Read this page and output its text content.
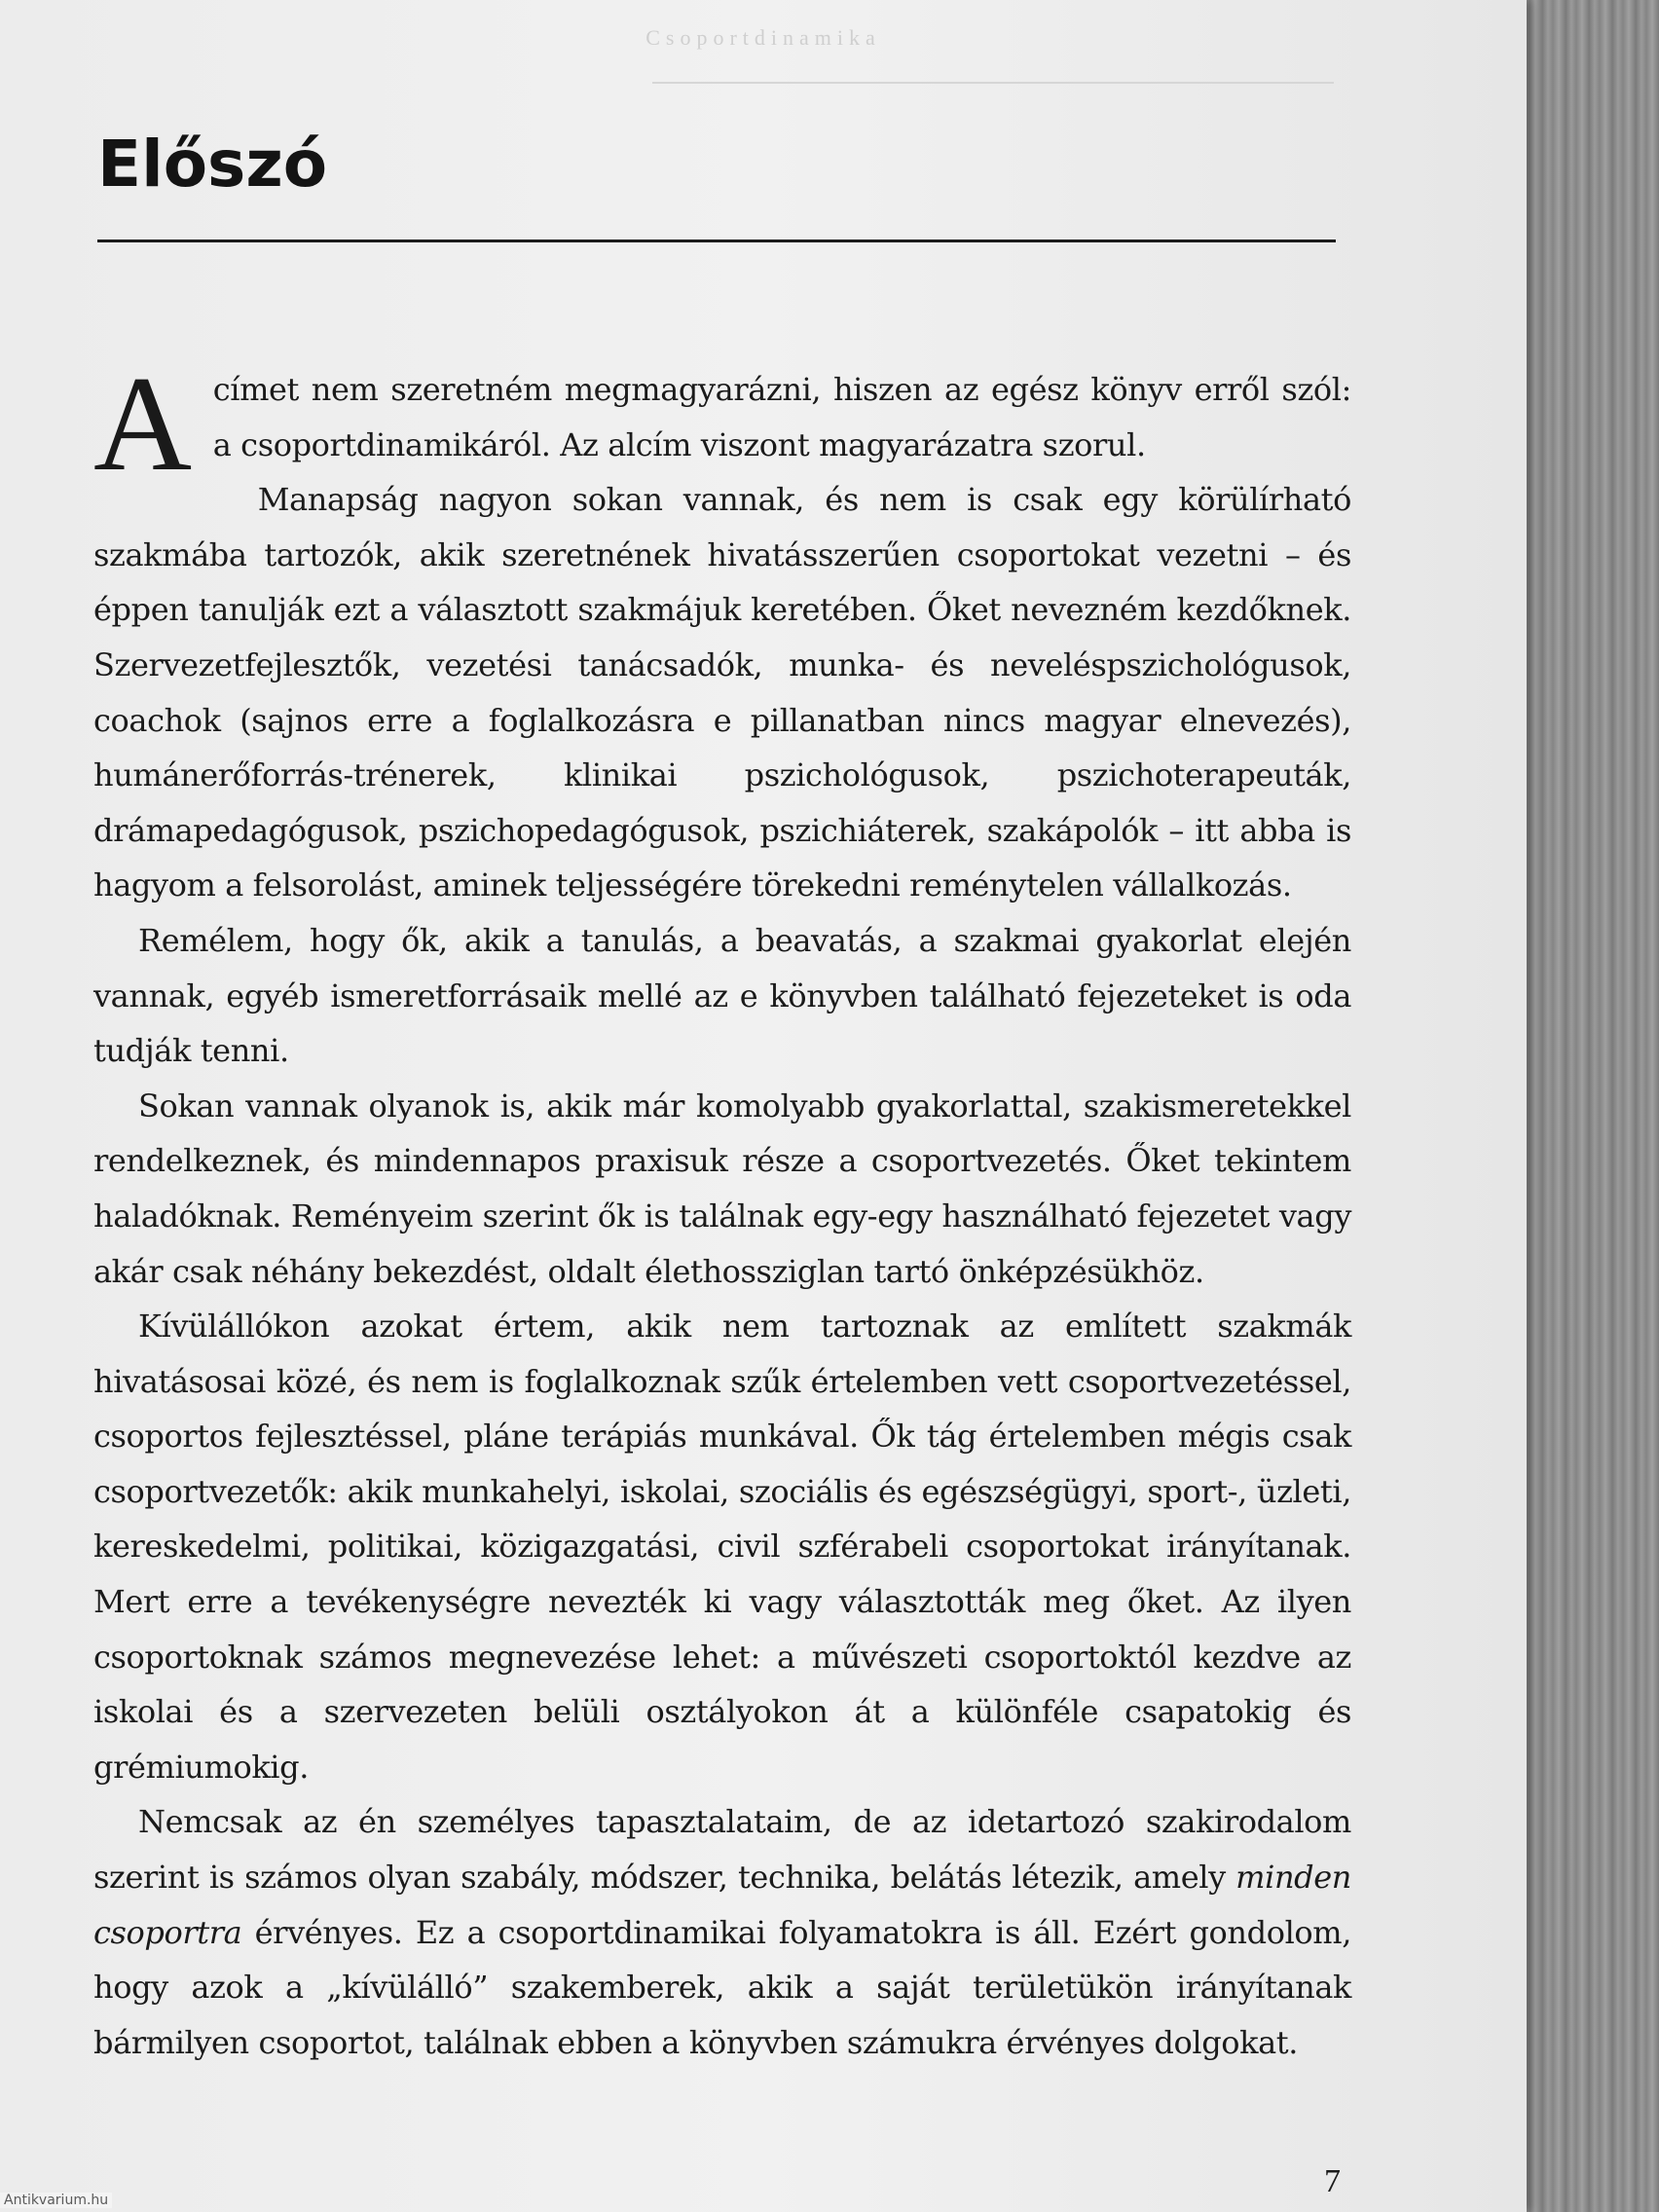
Csoportdinamika
Előszó

A címet nem szeretném megmagyarázni, hiszen az egész könyv erről szól: a csoportdinamikáról. Az alcím viszont magyarázatra szorul.

Manapság nagyon sokan vannak, és nem is csak egy körülírható szakmába tartozók, akik szeretnének hivatásszerűen csoportokat vezetni – és éppen tanulják ezt a választott szakmájuk keretében. Őket nevezném kezdőknek. Szervezetfejlesztők, vezetési tanácsadók, munka- és neveléspszichológusok, coachok (sajnos erre a foglalkozásra e pillanatban nincs magyar elnevezés), humánerőforrás-trénerek, klinikai pszichológusok, pszichoterapeuták, drámapedagógusok, pszichopedagógusok, pszichiáterek, szakápolók – itt abba is hagyom a felsorolást, aminek teljességére törekedni reménytelen vállalkozás.

Remélem, hogy ők, akik a tanulás, a beavatás, a szakmai gyakorlat elején vannak, egyéb ismeretforrásaik mellé az e könyvben található fejezeteket is oda tudják tenni.

Sokan vannak olyanok is, akik már komolyabb gyakorlattal, szakismeretekkel rendelkeznek, és mindennapos praxisuk része a csoportvezetés. Őket tekintem haladóknak. Reményeim szerint ők is találnak egy-egy használható fejezetet vagy akár csak néhány bekezdést, oldalt élethossziglan tartó önképzésükhöz.

Kívülállókon azokat értem, akik nem tartoznak az említett szakmák hivatásosai közé, és nem is foglalkoznak szűk értelemben vett csoportvezetéssel, csoportos fejlesztéssel, pláne terápiás munkával. Ők tág értelemben mégis csak csoportvezetők: akik munkahelyi, iskolai, szociális és egészségügyi, sport-, üzleti, kereskedelmi, politikai, közigazgatási, civil szférabeli csoportokat irányítanak. Mert erre a tevékenységre nevezték ki vagy választották meg őket. Az ilyen csoportoknak számos megnevezése lehet: a művészeti csoportoktól kezdve az iskolai és a szervezeten belüli osztályokon át a különféle csapatokig és grémiumokig.

Nemcsak az én személyes tapasztalataim, de az idetartozó szakirodalom szerint is számos olyan szabály, módszer, technika, belátás létezik, amely minden csoportra érvényes. Ez a csoportdinamikai folyamatokra is áll. Ezért gondolom, hogy azok a „kívülálló” szakemberek, akik a saját területükön irányítanak bármilyen csoportot, találnak ebben a könyvben számukra érvényes dolgokat.

7
Antikvarium.hu
